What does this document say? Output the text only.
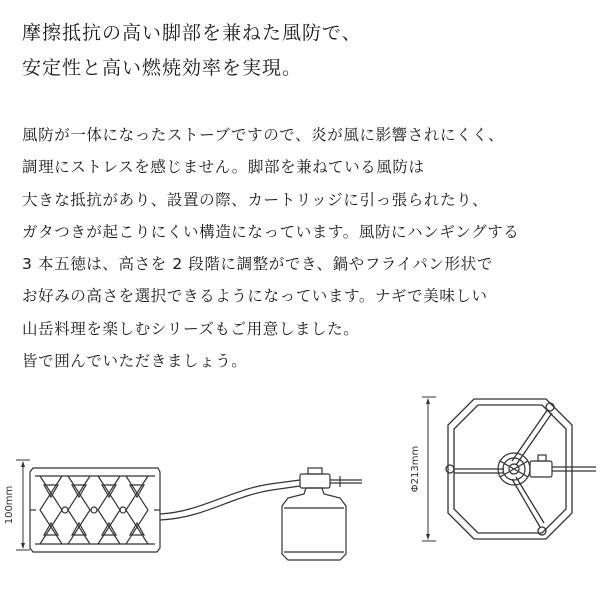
摩擦抵抗の高い脚部を兼ねた風防で、
安定性と高い燃焼効率を実現。
風防が一体になったストーブですので、炎が風に影響されにくく、
調理にストレスを感じません。脚部を兼ねている風防は
大きな抵抗があり、設置の際、カートリッジに引っ張られたり、
ガタつきが起こりにくい構造になっています。風防にハンギングする
3 本五徳は、高さを 2 段階に調整ができ、鍋やフライパン形状で
お好みの高さを選択できるようになっています。ナギで美味しい
山岳料理を楽しむシリーズもご用意しました。
皆で囲んでいただきましょう。
100mm
Φ213mm
